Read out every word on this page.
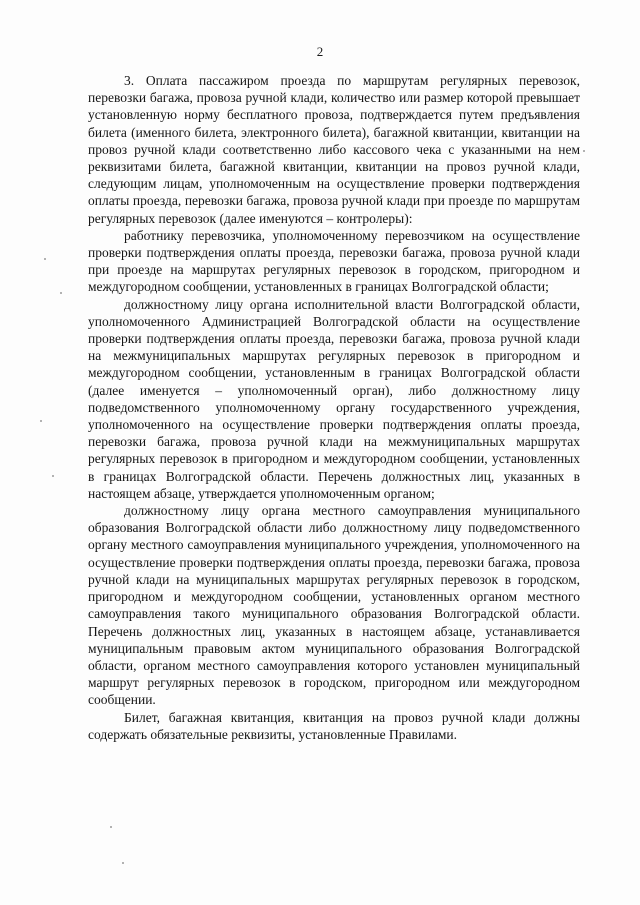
2

3. Оплата пассажиром проезда по маршрутам регулярных перевозок, перевозки багажа, провоза ручной клади, количество или размер которой превышает установленную норму бесплатного провоза, подтверждается путем предъявления билета (именного билета, электронного билета), багажной квитанции, квитанции на провоз ручной клади соответственно либо кассового чека с указанными на нем реквизитами билета, багажной квитанции, квитанции на провоз ручной клади, следующим лицам, уполномоченным на осуществление проверки подтверждения оплаты проезда, перевозки багажа, провоза ручной клади при проезде по маршрутам регулярных перевозок (далее именуются – контролеры):

работнику перевозчика, уполномоченному перевозчиком на осуществление проверки подтверждения оплаты проезда, перевозки багажа, провоза ручной клади при проезде на маршрутах регулярных перевозок в городском, пригородном и междугородном сообщении, установленных в границах Волгоградской области;

должностному лицу органа исполнительной власти Волгоградской области, уполномоченного Администрацией Волгоградской области на осуществление проверки подтверждения оплаты проезда, перевозки багажа, провоза ручной клади на межмуниципальных маршрутах регулярных перевозок в пригородном и междугородном сообщении, установленным в границах Волгоградской области (далее именуется – уполномоченный орган), либо должностному лицу подведомственного уполномоченному органу государственного учреждения, уполномоченного на осуществление проверки подтверждения оплаты проезда, перевозки багажа, провоза ручной клади на межмуниципальных маршрутах регулярных перевозок в пригородном и междугородном сообщении, установленных в границах Волгоградской области. Перечень должностных лиц, указанных в настоящем абзаце, утверждается уполномоченным органом;

должностному лицу органа местного самоуправления муниципального образования Волгоградской области либо должностному лицу подведомственного органу местного самоуправления муниципального учреждения, уполномоченного на осуществление проверки подтверждения оплаты проезда, перевозки багажа, провоза ручной клади на муниципальных маршрутах регулярных перевозок в городском, пригородном и междугородном сообщении, установленных органом местного самоуправления такого муниципального образования Волгоградской области. Перечень должностных лиц, указанных в настоящем абзаце, устанавливается муниципальным правовым актом муниципального образования Волгоградской области, органом местного самоуправления которого установлен муниципальный маршрут регулярных перевозок в городском, пригородном или междугородном сообщении.

Билет, багажная квитанция, квитанция на провоз ручной клади должны содержать обязательные реквизиты, установленные Правилами.
